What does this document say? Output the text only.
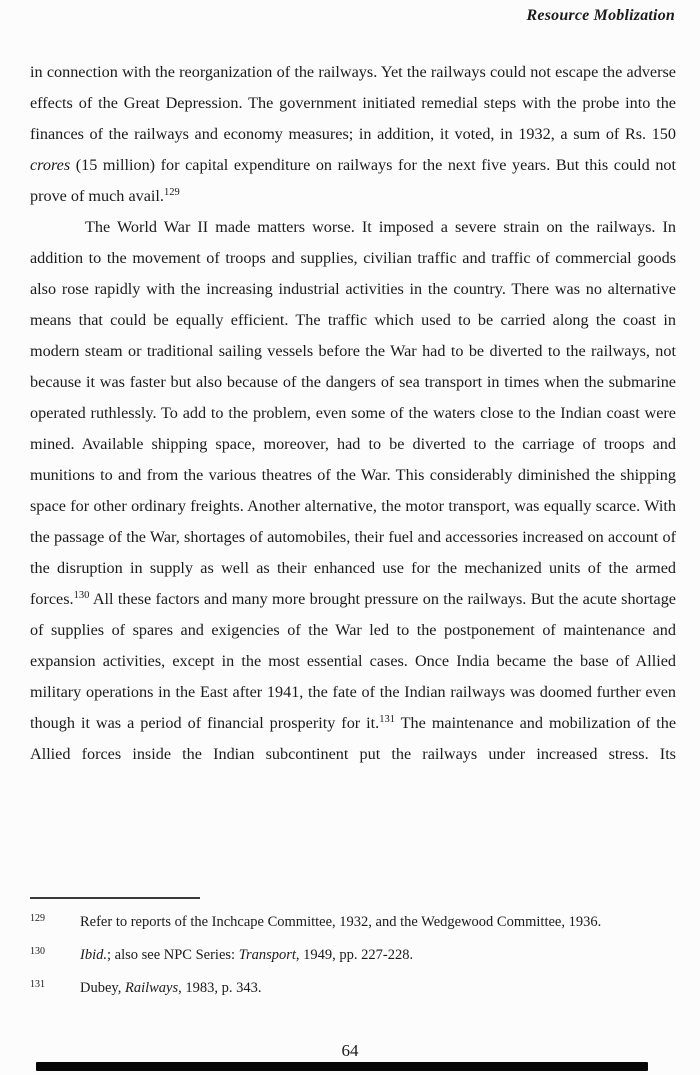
Resource Moblization

in connection with the reorganization of the railways. Yet the railways could not escape the adverse effects of the Great Depression. The government initiated remedial steps with the probe into the finances of the railways and economy measures; in addition, it voted, in 1932, a sum of Rs. 150 crores (15 million) for capital expenditure on railways for the next five years. But this could not prove of much avail.$^{129}$

The World War II made matters worse. It imposed a severe strain on the railways. In addition to the movement of troops and supplies, civilian traffic and traffic of commercial goods also rose rapidly with the increasing industrial activities in the country. There was no alternative means that could be equally efficient. The traffic which used to be carried along the coast in modern steam or traditional sailing vessels before the War had to be diverted to the railways, not because it was faster but also because of the dangers of sea transport in times when the submarine operated ruthlessly. To add to the problem, even some of the waters close to the Indian coast were mined. Available shipping space, moreover, had to be diverted to the carriage of troops and munitions to and from the various theatres of the War. This considerably diminished the shipping space for other ordinary freights. Another alternative, the motor transport, was equally scarce. With the passage of the War, shortages of automobiles, their fuel and accessories increased on account of the disruption in supply as well as their enhanced use for the mechanized units of the armed forces.$^{130}$ All these factors and many more brought pressure on the railways. But the acute shortage of supplies of spares and exigencies of the War led to the postponement of maintenance and expansion activities, except in the most essential cases. Once India became the base of Allied military operations in the East after 1941, the fate of the Indian railways was doomed further even though it was a period of financial prosperity for it.$^{131}$ The maintenance and mobilization of the Allied forces inside the Indian subcontinent put the railways under increased stress. Its

129 Refer to reports of the Inchcape Committee, 1932, and the Wedgewood Committee, 1936.
130 Ibid.; also see NPC Series: Transport, 1949, pp. 227-228.
131 Dubey, Railways, 1983, p. 343.
64
